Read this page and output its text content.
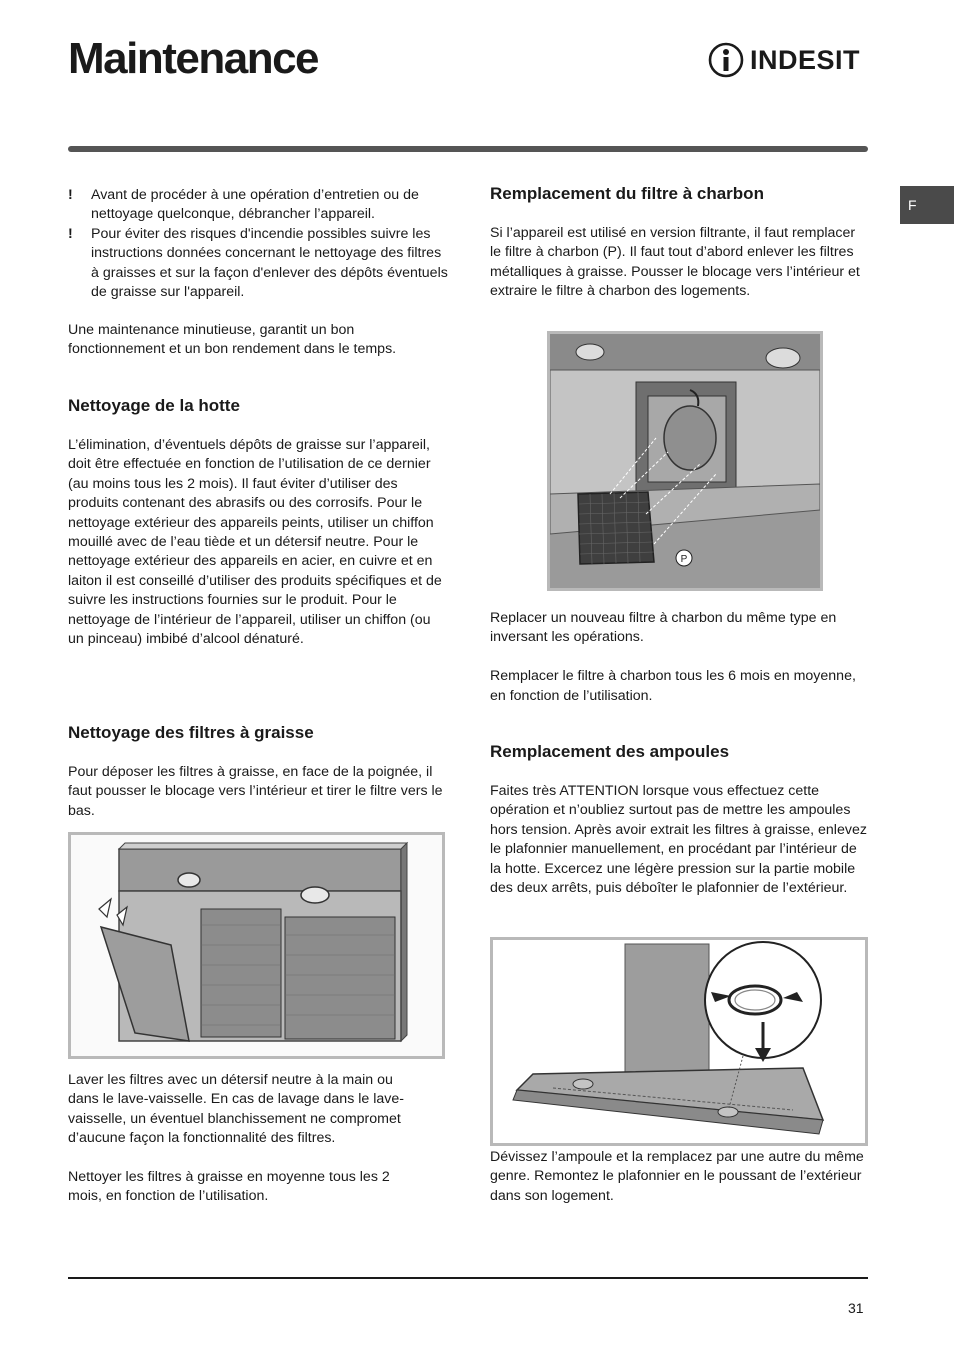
Maintenance	INDESIT
F
!	Avant de procéder à une opération d’entretien ou de nettoyage quelconque, débrancher l’appareil.
!	Pour éviter des risques d'incendie possibles suivre les instructions données concernant le nettoyage des filtres à graisses et sur la façon d'enlever des dépôts éventuels de graisse sur l'appareil.

Une maintenance minutieuse, garantit un bon fonctionnement et un bon rendement dans le temps.

Nettoyage de la hotte

L’élimination, d’éventuels dépôts de graisse sur l’appareil, doit être effectuée en fonction de l’utilisation de ce dernier (au moins tous les 2 mois). Il faut éviter d’utiliser des produits contenant des abrasifs ou des corrosifs. Pour le nettoyage extérieur des appareils peints, utiliser un chiffon mouillé avec de l’eau tiède et un détersif neutre. Pour le nettoyage extérieur des appareils en acier, en cuivre et en laiton il est conseillé d’utiliser des produits spécifiques et de suivre les instructions fournies sur le produit. Pour le nettoyage de l’intérieur de l’appareil, utiliser un chiffon (ou un pinceau) imbibé d’alcool dénaturé.

Nettoyage des filtres à graisse

Pour déposer les filtres à graisse, en face de la poignée, il faut pousser le blocage vers l’intérieur et tirer le filtre vers le bas.

Laver les filtres avec un détersif neutre à la main ou dans le lave-vaisselle. En cas de lavage dans le lave-vaisselle, un éventuel blanchissement ne compromet d’aucune façon la fonctionnalité des filtres.

Nettoyer les filtres à graisse en moyenne tous les 2 mois, en fonction de l’utilisation.

Remplacement du filtre à charbon

Si l’appareil est utilisé en version filtrante, il faut remplacer le filtre à charbon (P). Il faut tout d’abord enlever les filtres métalliques à graisse. Pousser le blocage vers l’intérieur et extraire le filtre à charbon des logements.

P

Replacer un nouveau filtre à charbon du même type en inversant les opérations.

Remplacer le filtre à charbon tous les 6 mois en moyenne, en fonction de l’utilisation.

Remplacement des ampoules

Faites très ATTENTION lorsque vous effectuez cette opération et n’oubliez surtout pas de mettre les ampoules hors tension. Après avoir extrait les filtres à graisse, enlevez le plafonnier manuellement, en procédant par l’intérieur de la hotte. Excercez une légère pression sur la partie mobile des deux arrêts, puis déboîter le plafonnier de l’extérieur.

Dévissez l’ampoule et la remplacez par une autre du même genre. Remontez le plafonnier en le poussant de l’extérieur dans son logement.

31
